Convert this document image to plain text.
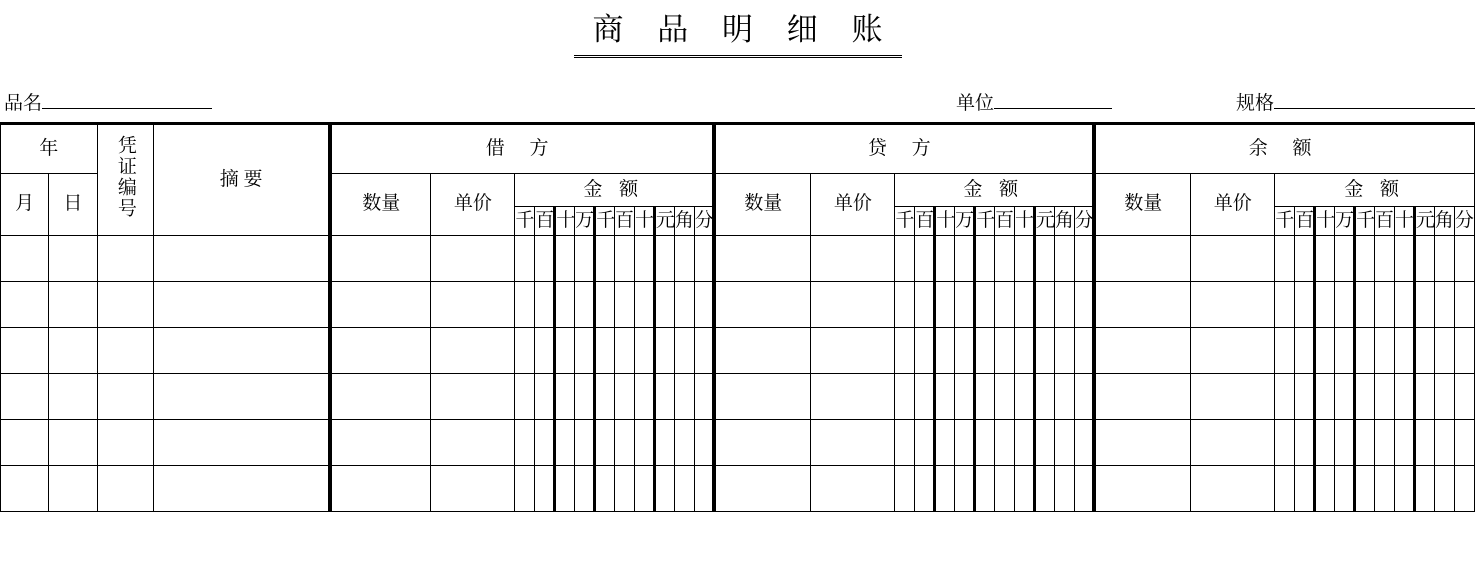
商 品 明 细 账
品名	单位	规格
年		凭证编号	摘 要	借 方												贷 方												余 额											
月	日			数量	单价	金 额										数量	单价	金 额										数量	单价	金 额									
						千	百	十	万	千	百	十	元	角	分			千	百	十	万	千	百	十	元	角	分			千	百	十	万	千	百	十	元	角	分
